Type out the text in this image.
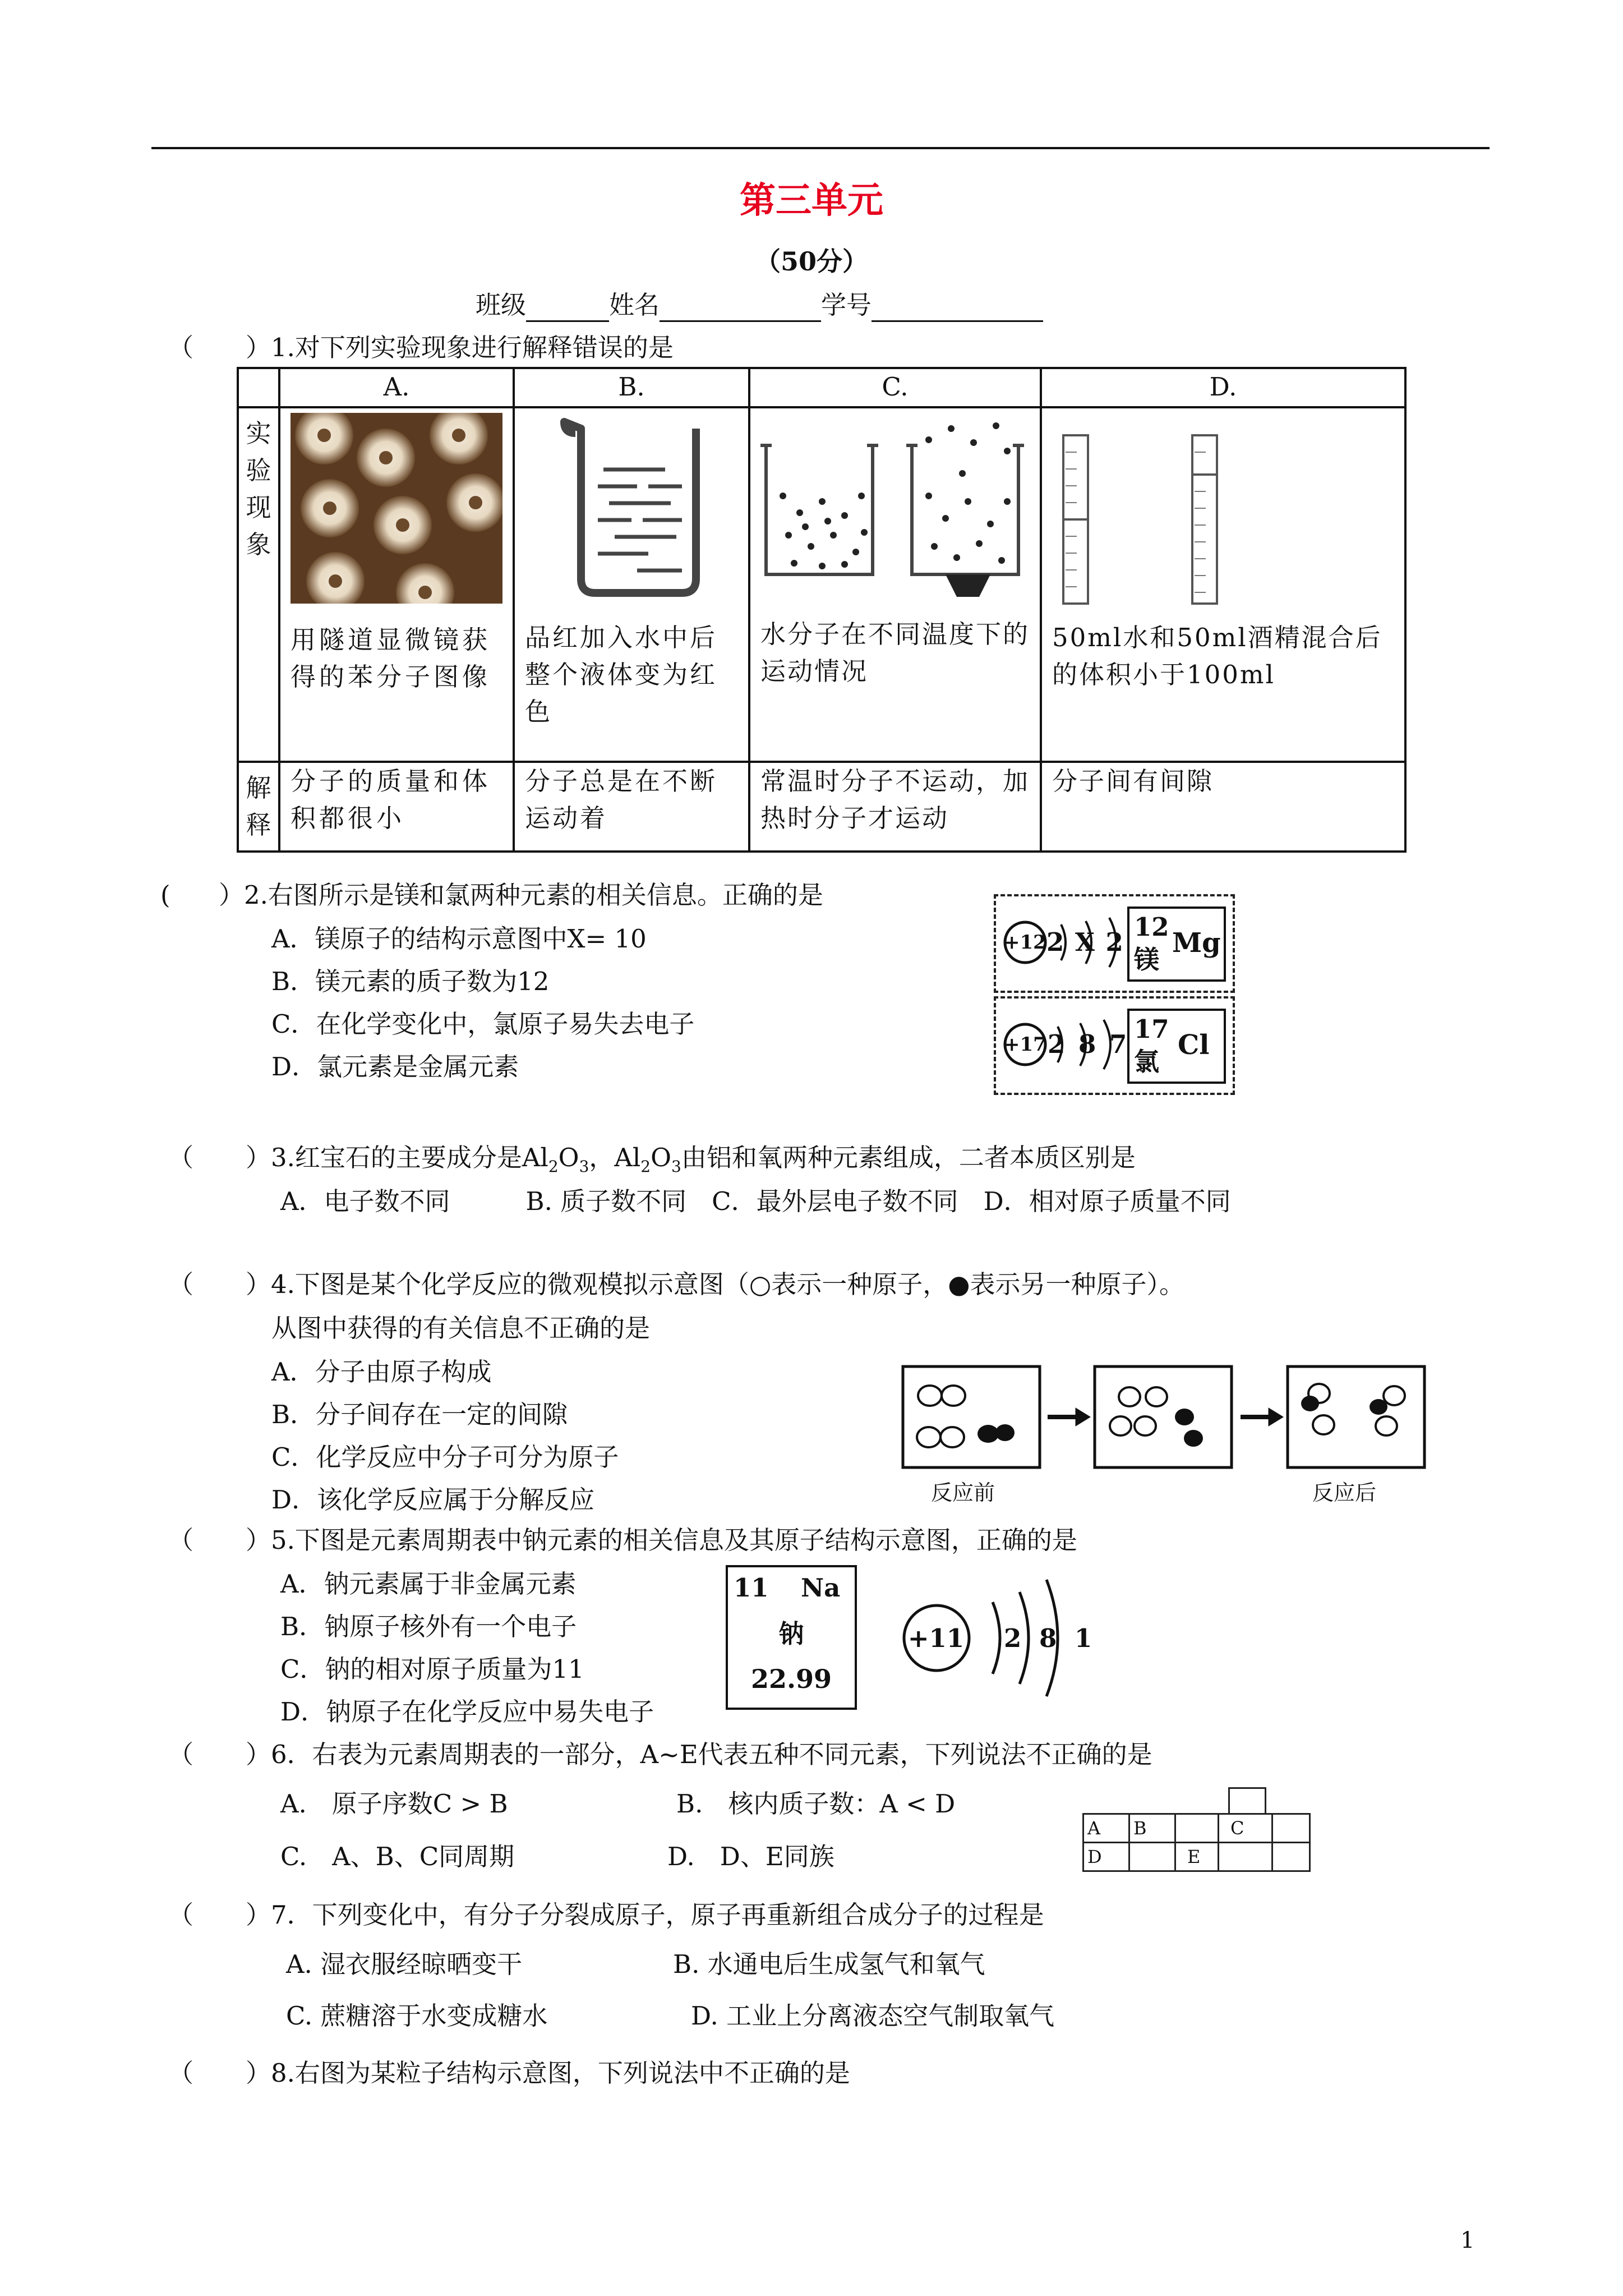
第三单元
（50分）
班级	姓名	学号
（ ）1.对下列实验现象进行解释错误的是
	A.	B.	C.	D.

实验现象	用隧道显微镜获得的苯分子图像	品红加入水中后整个液体变为红色	水分子在不同温度下的运动情况	50ml水和50ml酒精混合后的体积小于100ml

解释	分子的质量和体积都很小	分子总是在不断运动着	常温时分子不运动，加热时分子才运动	分子间有间隙
( ）2.右图所示是镁和氯两种元素的相关信息。正确的是
A．镁原子的结构示意图中X= 10
B．镁元素的质子数为12
C．在化学变化中，氯原子易失去电子
D．氯元素是金属元素
+12 2 X 2
12
Mg
镁
+17 2 8 7
17
Cl
氯
（ ）3.红宝石的主要成分是$Al_2O_3$，$Al_2O_3$由铝和氧两种元素组成，二者本质区别是
A．电子数不同　　　B. 质子数不同　C．最外层电子数不同　D．相对原子质量不同
（ ）4.下图是某个化学反应的微观模拟示意图（○表示一种原子，●表示另一种原子）。
从图中获得的有关信息不正确的是
A．分子由原子构成
B．分子间存在一定的间隙
C．化学反应中分子可分为原子
D．该化学反应属于分解反应	反应前	反应后
（ ）5.下图是元素周期表中钠元素的相关信息及其原子结构示意图，正确的是
A．钠元素属于非金属元素
B．钠原子核外有一个电子
C．钠的相对原子质量为11
D．钠原子在化学反应中易失电子
11 Na
钠
22.99
+11 2 8 1
（ ）6．右表为元素周期表的一部分，A~E代表五种不同元素，下列说法不正确的是
A.　原子序数C > B	B.　核内质子数：A < D
C.　A、B、C同周期	D.　D、E同族
A	B		C	
D		E		
（ ）7．下列变化中，有分子分裂成原子，原子再重新组合成分子的过程是
A. 湿衣服经晾晒变干	B. 水通电后生成氢气和氧气
C. 蔗糖溶于水变成糖水	D. 工业上分离液态空气制取氧气
（ ）8.右图为某粒子结构示意图，下列说法中不正确的是
1
